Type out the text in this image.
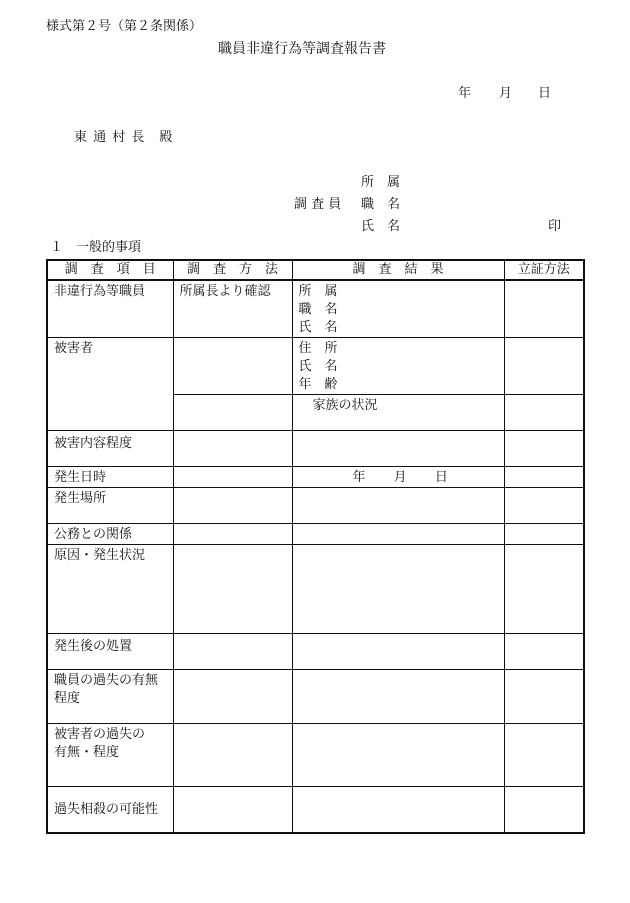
様式第２号（第２条関係）
職員非違行為等調査報告書
年 月 日
東 通 村 長　殿
所　属
調 査 員 職　名
氏　名	印
１　一般的事項
調　査　項　目	調　査　方　法	調　査　結　果	立証方法
非違行為等職員	所属長より確認	所　属
職　名
氏　名	

被害者		住　所
氏　名
年　齢	

		家族の状況	
被害内容程度			
発生日時		年 月 日	
発生場所			
公務との関係			
原因・発生状況			
発生後の処置			

職員の過失の有無
程度			

被害者の過失の
有無・程度			

過失相殺の可能性			
